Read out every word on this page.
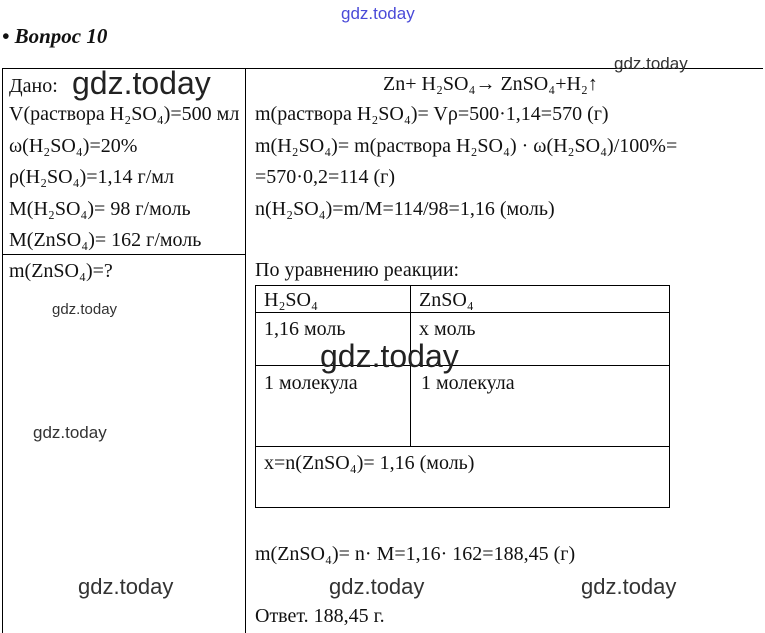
gdz.today
• Вопрос 10
Дано: gdz.today
V(раствора H₂SO₄)=500 мл
ω(H₂SO₄)=20%
ρ(H₂SO₄)=1,14 г/мл
M(H₂SO₄)= 98 г/моль
M(ZnSO₄)= 162 г/моль
m(ZnSO₄)=?
gdz.today
gdz.today
gdz.today
Zn+ H₂SO₄→ ZnSO₄+H₂↑
m(раствора H₂SO₄)= Vρ=500·1,14=570 (г)
m(H₂SO₄)= m(раствора H₂SO₄) · ω(H₂SO₄)/100%=
=570·0,2=114 (г)
n(H₂SO₄)=m/M=114/98=1,16 (моль)
По уравнению реакции:
H₂SO₄	ZnSO₄
1,16 моль	x моль
1 молекула	1 молекула
x=n(ZnSO₄)= 1,16 (моль)
gdz.today
m(ZnSO₄)= n· M=1,16· 162=188,45 (г)
gdz.today	gdz.today	gdz.today
Ответ. 188,45 г.
